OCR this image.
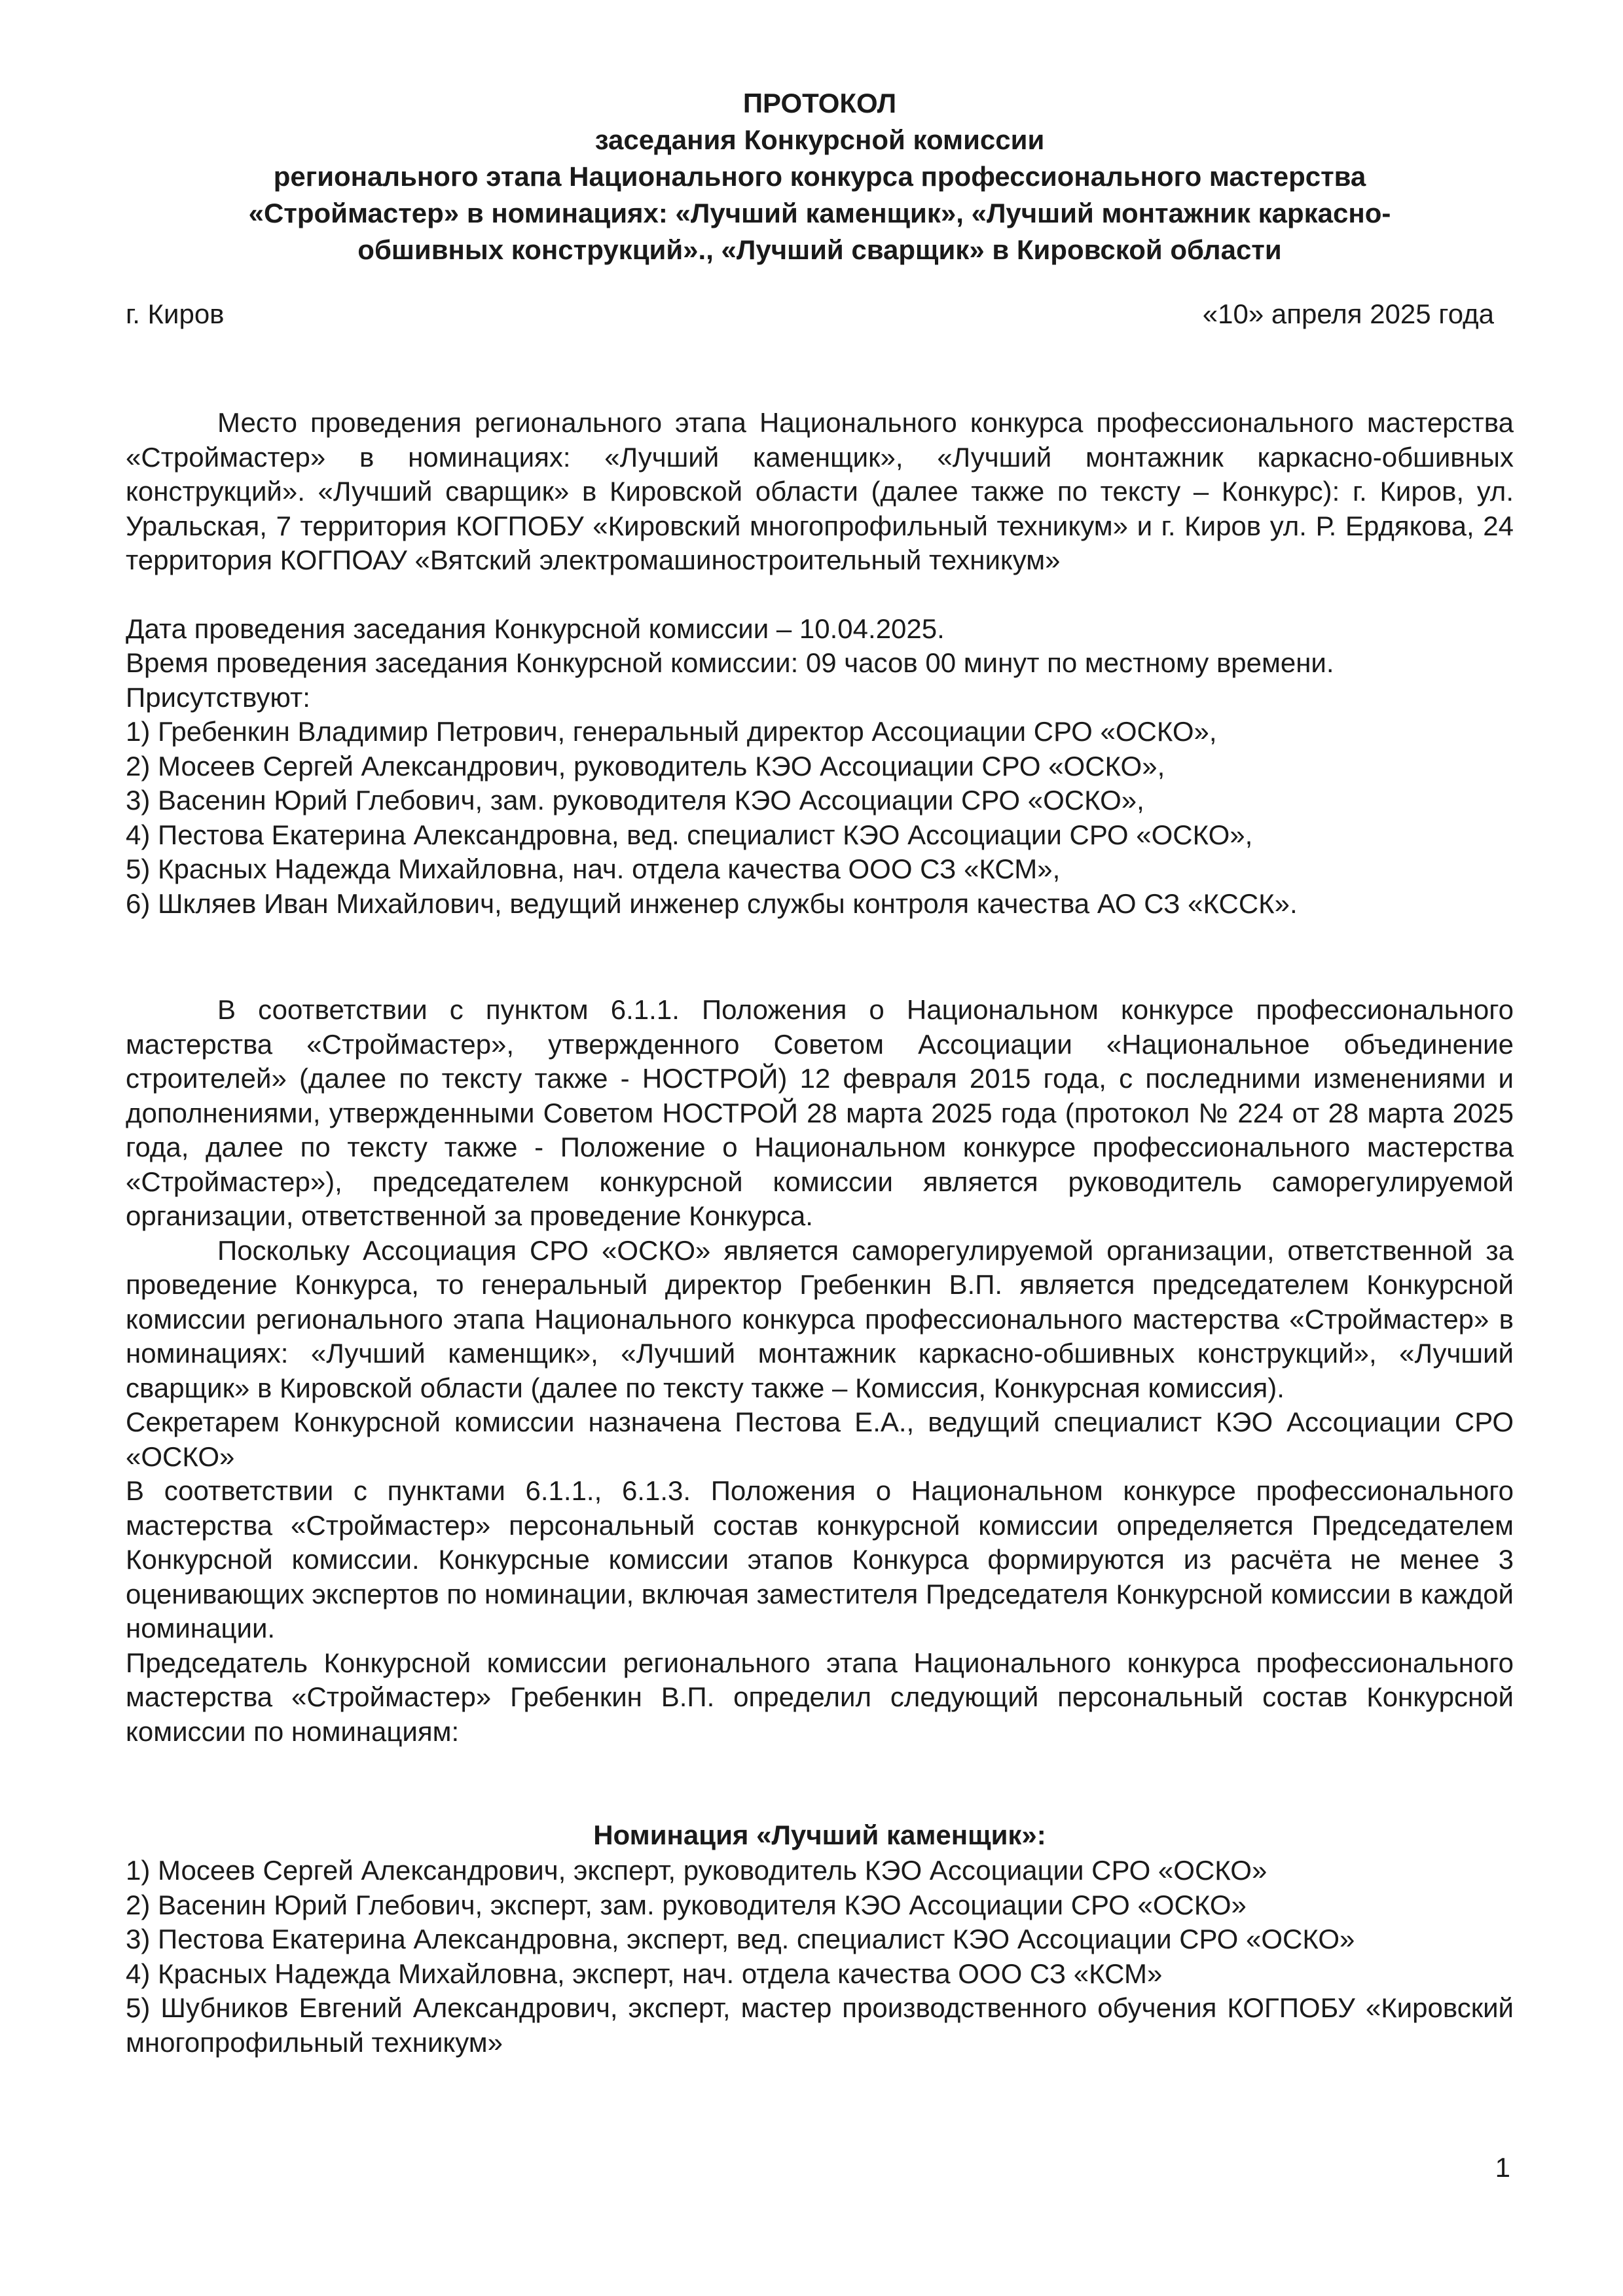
ПРОТОКОЛ
заседания Конкурсной комиссии
регионального этапа Национального конкурса профессионального мастерства
«Строймастер» в номинациях: «Лучший каменщик», «Лучший монтажник каркасно-
обшивных конструкций»., «Лучший сварщик» в Кировской области
г. Киров	«10» апреля 2025 года

Место проведения регионального этапа Национального конкурса профессионального мастерства «Строймастер» в номинациях: «Лучший каменщик», «Лучший монтажник каркасно-обшивных конструкций». «Лучший сварщик» в Кировской области (далее также по тексту – Конкурс): г. Киров, ул. Уральская, 7 территория КОГПОБУ «Кировский многопрофильный техникум» и г. Киров ул. Р. Ердякова, 24 территория КОГПОАУ «Вятский электромашиностроительный техникум»

Дата проведения заседания Конкурсной комиссии – 10.04.2025.

Время проведения заседания Конкурсной комиссии: 09 часов 00 минут по местному времени.

Присутствуют:

1) Гребенкин Владимир Петрович, генеральный директор Ассоциации СРО «ОСКО»,
2) Мосеев Сергей Александрович, руководитель КЭО Ассоциации СРО «ОСКО»,
3) Васенин Юрий Глебович, зам. руководителя КЭО Ассоциации СРО «ОСКО»,
4) Пестова Екатерина Александровна, вед. специалист КЭО Ассоциации СРО «ОСКО»,
5) Красных Надежда Михайловна, нач. отдела качества ООО СЗ «КСМ»,
6) Шкляев Иван Михайлович, ведущий инженер службы контроля качества АО СЗ «КССК».

В соответствии с пунктом 6.1.1. Положения о Национальном конкурсе профессионального мастерства «Строймастер», утвержденного Советом Ассоциации «Национальное объединение строителей» (далее по тексту также - НОСТРОЙ) 12 февраля 2015 года, с последними изменениями и дополнениями, утвержденными Советом НОСТРОЙ 28 марта 2025 года (протокол № 224 от 28 марта 2025 года, далее по тексту также - Положение о Национальном конкурсе профессионального мастерства «Строймастер»), председателем конкурсной комиссии является руководитель саморегулируемой организации, ответственной за проведение Конкурса.

Поскольку Ассоциация СРО «ОСКО» является саморегулируемой организации, ответственной за проведение Конкурса, то генеральный директор Гребенкин В.П. является председателем Конкурсной комиссии регионального этапа Национального конкурса профессионального мастерства «Строймастер» в номинациях: «Лучший каменщик», «Лучший монтажник каркасно-обшивных конструкций», «Лучший сварщик» в Кировской области (далее по тексту также – Комиссия, Конкурсная комиссия).

Секретарем Конкурсной комиссии назначена Пестова Е.А., ведущий специалист КЭО Ассоциации СРО «ОСКО»

В соответствии с пунктами 6.1.1., 6.1.3. Положения о Национальном конкурсе профессионального мастерства «Строймастер» персональный состав конкурсной комиссии определяется Председателем Конкурсной комиссии. Конкурсные комиссии этапов Конкурса формируются из расчёта не менее 3 оценивающих экспертов по номинации, включая заместителя Председателя Конкурсной комиссии в каждой номинации.

Председатель Конкурсной комиссии регионального этапа Национального конкурса профессионального мастерства «Строймастер» Гребенкин В.П. определил следующий персональный состав Конкурсной комиссии по номинациям:

Номинация «Лучший каменщик»:
1) Мосеев Сергей Александрович, эксперт, руководитель КЭО Ассоциации СРО «ОСКО»
2) Васенин Юрий Глебович, эксперт, зам. руководителя КЭО Ассоциации СРО «ОСКО»
3) Пестова Екатерина Александровна, эксперт, вед. специалист КЭО Ассоциации СРО «ОСКО»
4) Красных Надежда Михайловна, эксперт, нач. отдела качества ООО СЗ «КСМ»
5) Шубников Евгений Александрович, эксперт, мастер производственного обучения КОГПОБУ «Кировский многопрофильный техникум»
1
